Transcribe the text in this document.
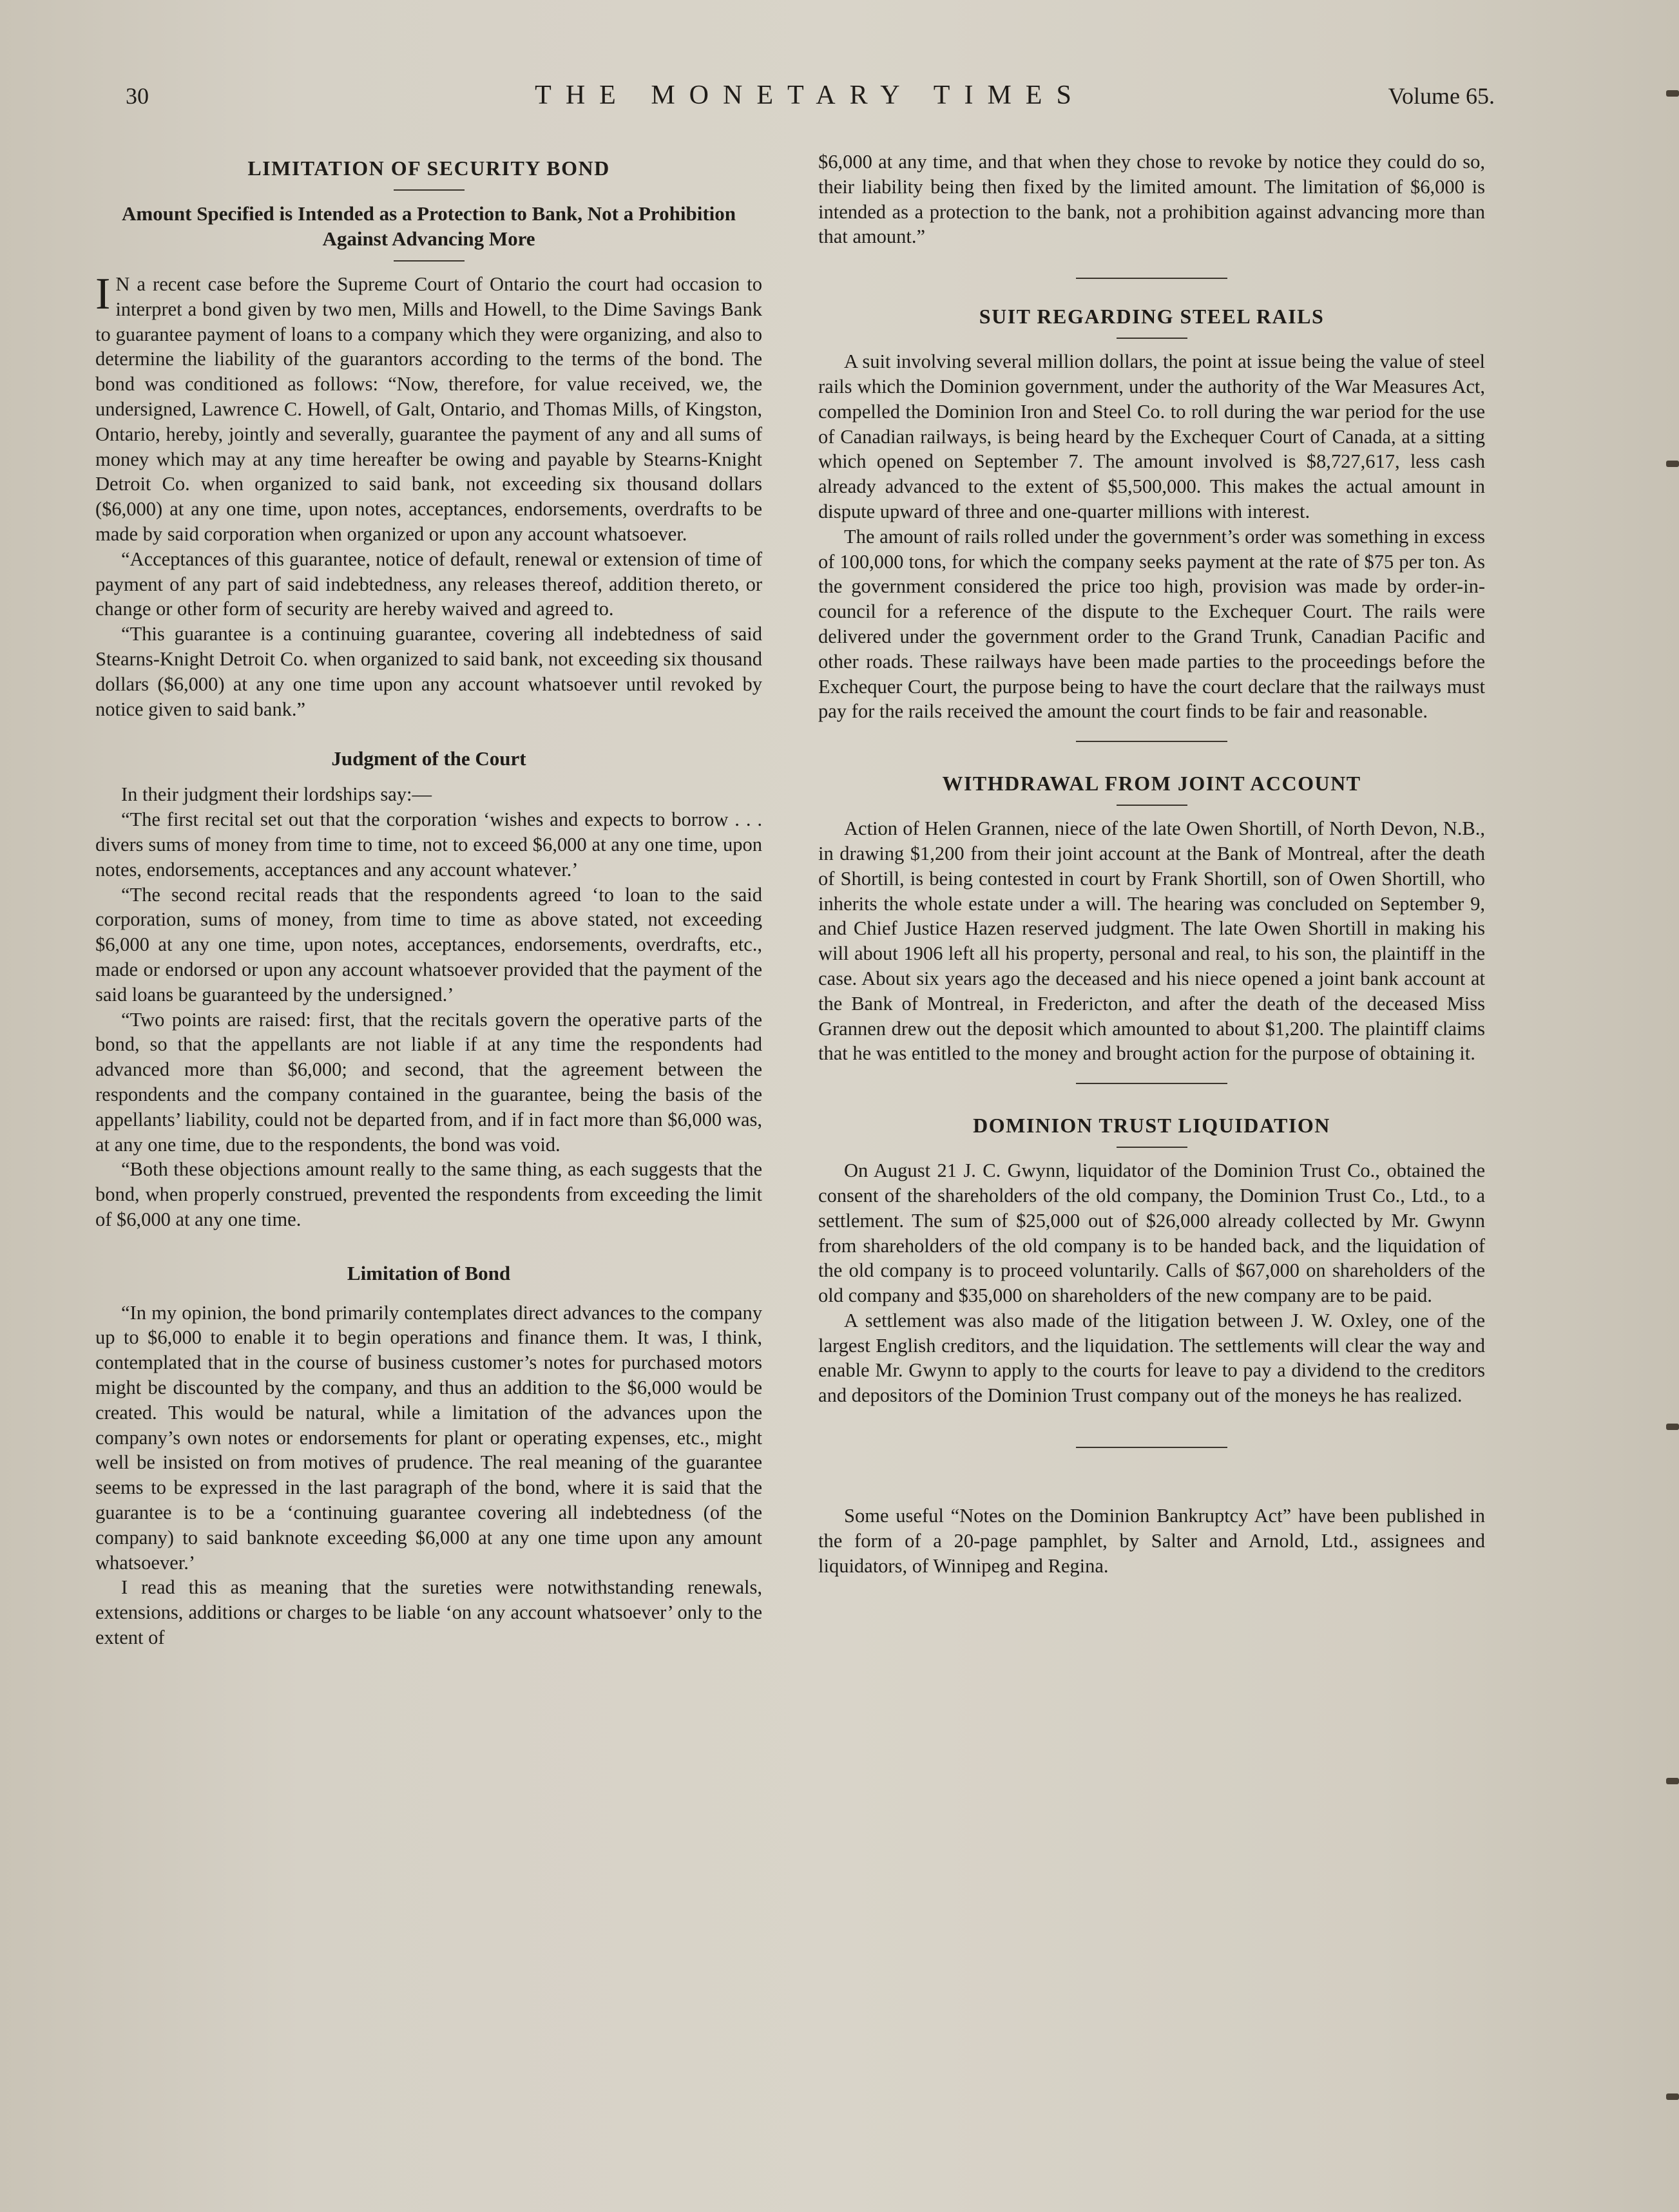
30	THE MONETARY TIMES	Volume 65.
LIMITATION OF SECURITY BOND
Amount Specified is Intended as a Protection to Bank, Not a Prohibition Against Advancing More

I N a recent case before the Supreme Court of Ontario the court had occasion to interpret a bond given by two men, Mills and Howell, to the Dime Savings Bank to guarantee payment of loans to a company which they were organizing, and also to determine the liability of the guarantors according to the terms of the bond. The bond was conditioned as follows: “Now, therefore, for value received, we, the undersigned, Lawrence C. Howell, of Galt, Ontario, and Thomas Mills, of Kingston, Ontario, hereby, jointly and severally, guarantee the payment of any and all sums of money which may at any time hereafter be owing and payable by Stearns-Knight Detroit Co. when organized to said bank, not exceeding six thousand dollars ($6,000) at any one time, upon notes, acceptances, endorsements, overdrafts to be made by said corporation when organized or upon any account whatsoever.

“Acceptances of this guarantee, notice of default, renewal or extension of time of payment of any part of said indebtedness, any releases thereof, addition thereto, or change or other form of security are hereby waived and agreed to.

“This guarantee is a continuing guarantee, covering all indebtedness of said Stearns-Knight Detroit Co. when organized to said bank, not exceeding six thousand dollars ($6,000) at any one time upon any account whatsoever until revoked by notice given to said bank.”

Judgment of the Court

In their judgment their lordships say:—

“The first recital set out that the corporation ‘wishes and expects to borrow . . . divers sums of money from time to time, not to exceed $6,000 at any one time, upon notes, endorsements, acceptances and any account whatever.’

“The second recital reads that the respondents agreed ‘to loan to the said corporation, sums of money, from time to time as above stated, not exceeding $6,000 at any one time, upon notes, acceptances, endorsements, overdrafts, etc., made or endorsed or upon any account whatsoever provided that the payment of the said loans be guaranteed by the undersigned.’

“Two points are raised: first, that the recitals govern the operative parts of the bond, so that the appellants are not liable if at any time the respondents had advanced more than $6,000; and second, that the agreement between the respondents and the company contained in the guarantee, being the basis of the appellants’ liability, could not be departed from, and if in fact more than $6,000 was, at any one time, due to the respondents, the bond was void.

“Both these objections amount really to the same thing, as each suggests that the bond, when properly construed, prevented the respondents from exceeding the limit of $6,000 at any one time.

Limitation of Bond

“In my opinion, the bond primarily contemplates direct advances to the company up to $6,000 to enable it to begin operations and finance them. It was, I think, contemplated that in the course of business customer’s notes for purchased motors might be discounted by the company, and thus an addition to the $6,000 would be created. This would be natural, while a limitation of the advances upon the company’s own notes or endorsements for plant or operating expenses, etc., might well be insisted on from motives of prudence. The real meaning of the guarantee seems to be expressed in the last paragraph of the bond, where it is said that the guarantee is to be a ‘continuing guarantee covering all indebtedness (of the company) to said banknote exceeding $6,000 at any one time upon any amount whatsoever.’

I read this as meaning that the sureties were notwithstanding renewals, extensions, additions or charges to be liable ‘on any account whatsoever’ only to the extent of

$6,000 at any time, and that when they chose to revoke by notice they could do so, their liability being then fixed by the limited amount. The limitation of $6,000 is intended as a protection to the bank, not a prohibition against advancing more than that amount.”

SUIT REGARDING STEEL RAILS

A suit involving several million dollars, the point at issue being the value of steel rails which the Dominion government, under the authority of the War Measures Act, compelled the Dominion Iron and Steel Co. to roll during the war period for the use of Canadian railways, is being heard by the Exchequer Court of Canada, at a sitting which opened on September 7. The amount involved is $8,727,617, less cash already advanced to the extent of $5,500,000. This makes the actual amount in dispute upward of three and one-quarter millions with interest.

The amount of rails rolled under the government’s order was something in excess of 100,000 tons, for which the company seeks payment at the rate of $75 per ton. As the government considered the price too high, provision was made by order-in-council for a reference of the dispute to the Exchequer Court. The rails were delivered under the government order to the Grand Trunk, Canadian Pacific and other roads. These railways have been made parties to the proceedings before the Exchequer Court, the purpose being to have the court declare that the railways must pay for the rails received the amount the court finds to be fair and reasonable.

WITHDRAWAL FROM JOINT ACCOUNT

Action of Helen Grannen, niece of the late Owen Shortill, of North Devon, N.B., in drawing $1,200 from their joint account at the Bank of Montreal, after the death of Shortill, is being contested in court by Frank Shortill, son of Owen Shortill, who inherits the whole estate under a will. The hearing was concluded on September 9, and Chief Justice Hazen reserved judgment. The late Owen Shortill in making his will about 1906 left all his property, personal and real, to his son, the plaintiff in the case. About six years ago the deceased and his niece opened a joint bank account at the Bank of Montreal, in Fredericton, and after the death of the deceased Miss Grannen drew out the deposit which amounted to about $1,200. The plaintiff claims that he was entitled to the money and brought action for the purpose of obtaining it.

DOMINION TRUST LIQUIDATION

On August 21 J. C. Gwynn, liquidator of the Dominion Trust Co., obtained the consent of the shareholders of the old company, the Dominion Trust Co., Ltd., to a settlement. The sum of $25,000 out of $26,000 already collected by Mr. Gwynn from shareholders of the old company is to be handed back, and the liquidation of the old company is to proceed voluntarily. Calls of $67,000 on shareholders of the old company and $35,000 on shareholders of the new company are to be paid.

A settlement was also made of the litigation between J. W. Oxley, one of the largest English creditors, and the liquidation. The settlements will clear the way and enable Mr. Gwynn to apply to the courts for leave to pay a dividend to the creditors and depositors of the Dominion Trust company out of the moneys he has realized.

Some useful “Notes on the Dominion Bankruptcy Act” have been published in the form of a 20-page pamphlet, by Salter and Arnold, Ltd., assignees and liquidators, of Winnipeg and Regina.
